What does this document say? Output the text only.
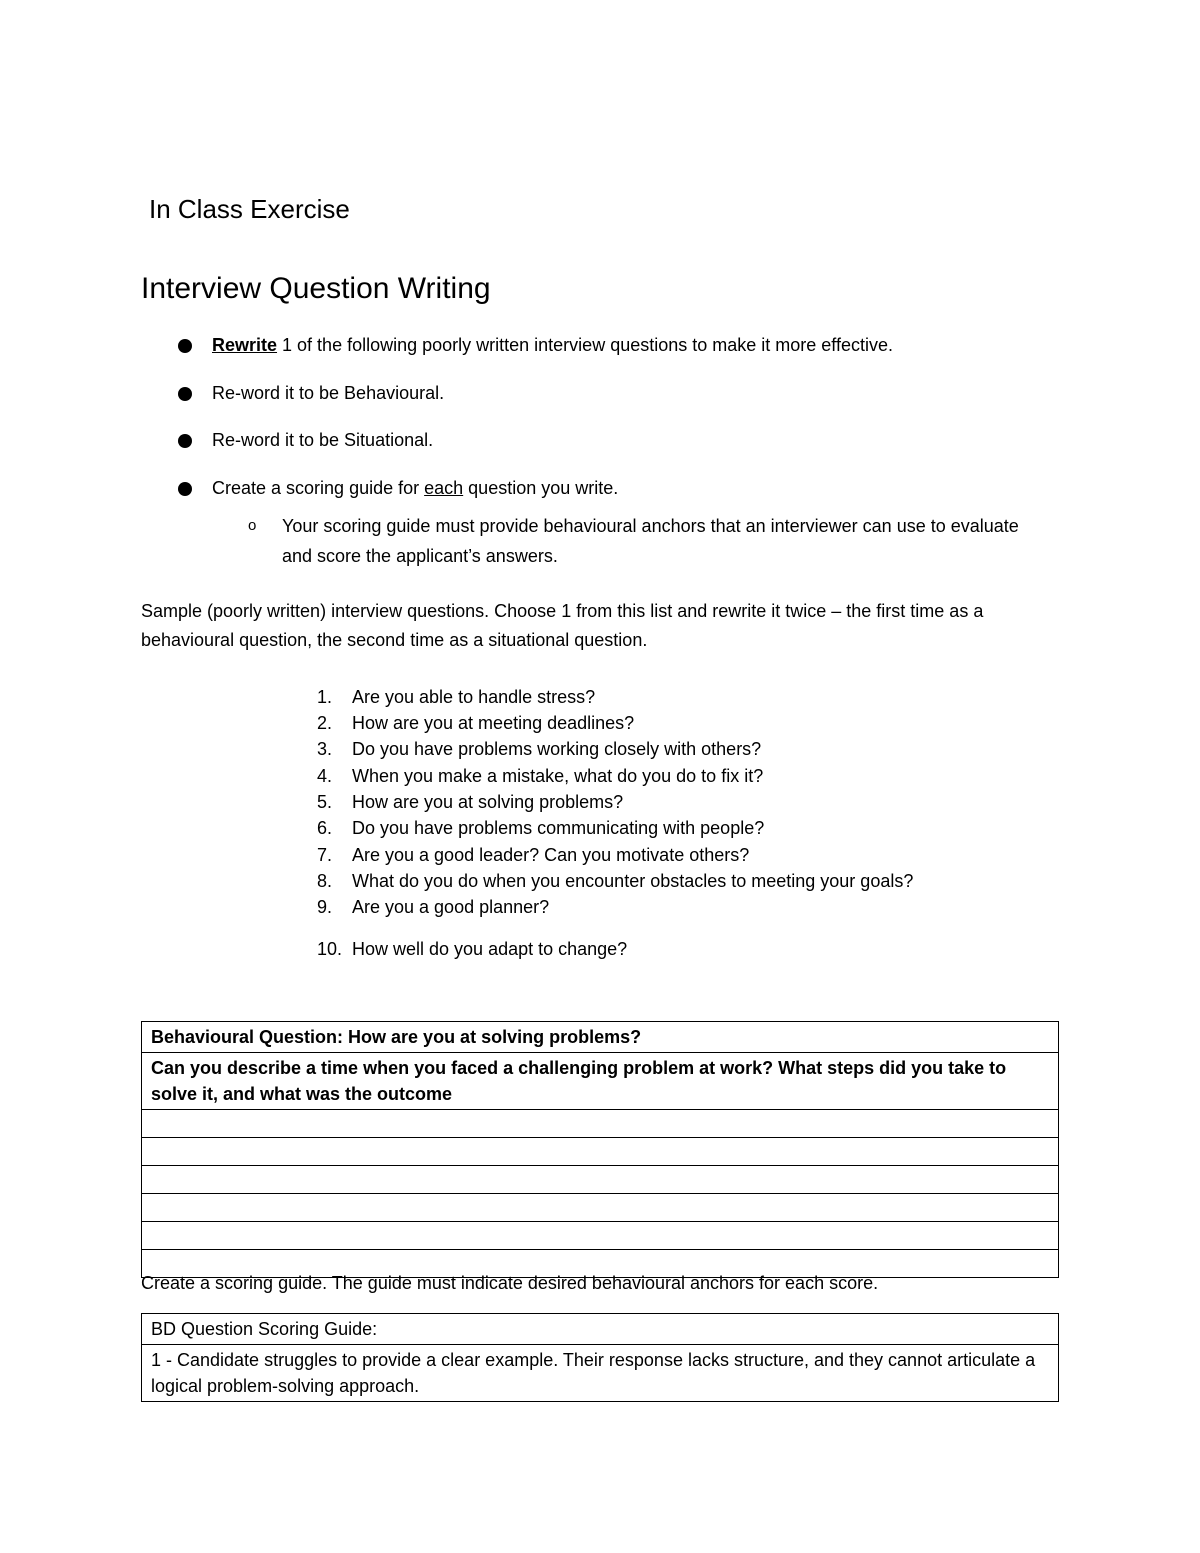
In Class Exercise
Interview Question Writing
Rewrite 1 of the following poorly written interview questions to make it more effective.
Re-word it to be Behavioural.
Re-word it to be Situational.
Create a scoring guide for each question you write.
o Your scoring guide must provide behavioural anchors that an interviewer can use to evaluate and score the applicant’s answers.
Sample (poorly written) interview questions. Choose 1 from this list and rewrite it twice – the first time as a behavioural question, the second time as a situational question.
1. Are you able to handle stress?
2. How are you at meeting deadlines?
3. Do you have problems working closely with others?
4. When you make a mistake, what do you do to fix it?
5. How are you at solving problems?
6. Do you have problems communicating with people?
7. Are you a good leader? Can you motivate others?
8. What do you do when you encounter obstacles to meeting your goals?
9. Are you a good planner?
10. How well do you adapt to change?
Behavioural Question: How are you at solving problems?
Can you describe a time when you faced a challenging problem at work? What steps did you take to solve it, and what was the outcome

Create a scoring guide. The guide must indicate desired behavioural anchors for each score.
BD Question Scoring Guide:
1 - Candidate struggles to provide a clear example. Their response lacks structure, and they cannot articulate a logical problem-solving approach.
